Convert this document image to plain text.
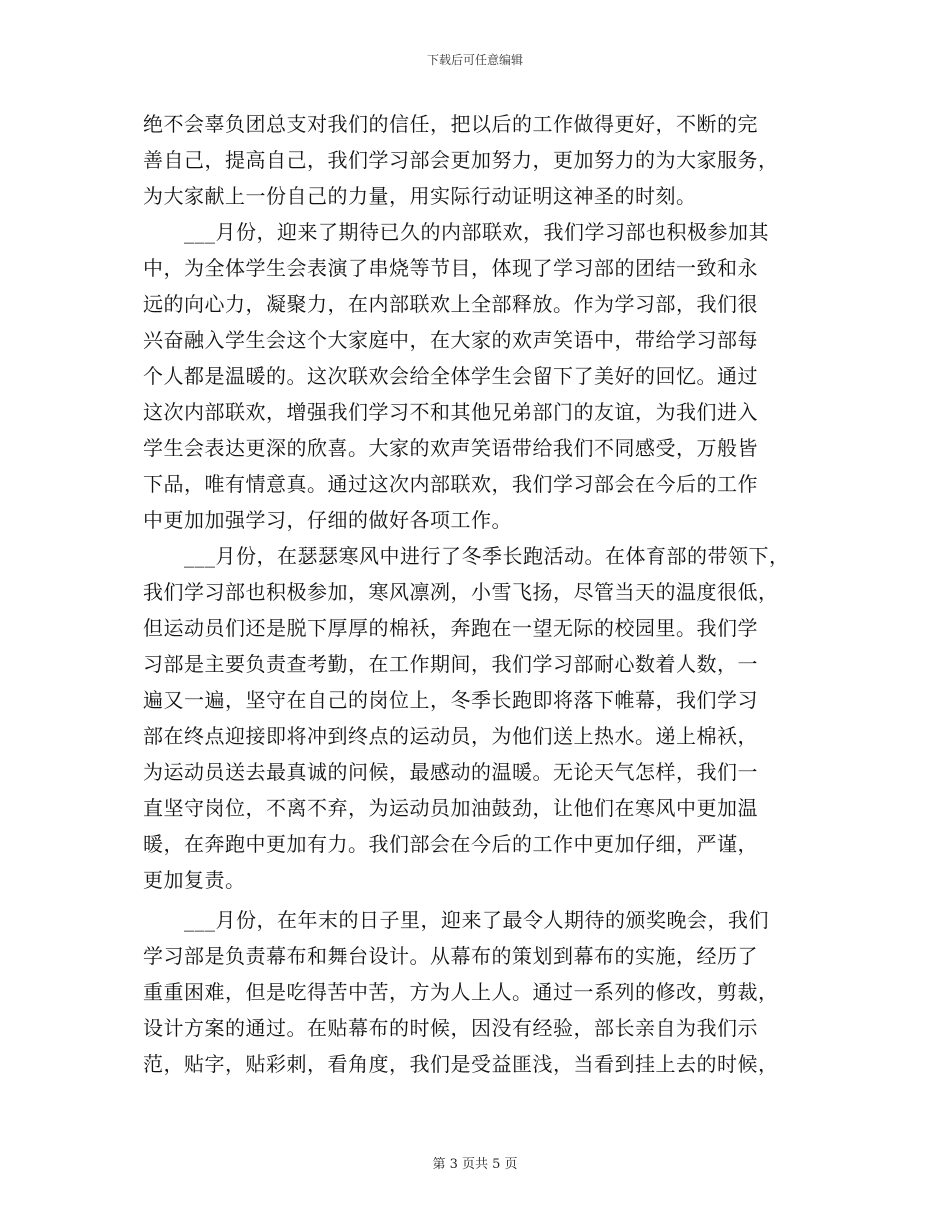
下载后可任意编辑
绝不会辜负团总支对我们的信任，把以后的工作做得更好，不断的完
善自己，提高自己，我们学习部会更加努力，更加努力的为大家服务，
为大家献上一份自己的力量，用实际行动证明这神圣的时刻。
　　___月份，迎来了期待已久的内部联欢，我们学习部也积极参加其
中，为全体学生会表演了串烧等节目，体现了学习部的团结一致和永
远的向心力，凝聚力，在内部联欢上全部释放。作为学习部，我们很
兴奋融入学生会这个大家庭中，在大家的欢声笑语中，带给学习部每
个人都是温暖的。这次联欢会给全体学生会留下了美好的回忆。通过
这次内部联欢，增强我们学习不和其他兄弟部门的友谊，为我们进入
学生会表达更深的欣喜。大家的欢声笑语带给我们不同感受，万般皆
下品，唯有情意真。通过这次内部联欢，我们学习部会在今后的工作
中更加加强学习，仔细的做好各项工作。
　　___月份，在瑟瑟寒风中进行了冬季长跑活动。在体育部的带领下，
我们学习部也积极参加，寒风凛冽，小雪飞扬，尽管当天的温度很低，
但运动员们还是脱下厚厚的棉袄，奔跑在一望无际的校园里。我们学
习部是主要负责查考勤，在工作期间，我们学习部耐心数着人数，一
遍又一遍，坚守在自己的岗位上，冬季长跑即将落下帷幕，我们学习
部在终点迎接即将冲到终点的运动员，为他们送上热水。递上棉袄，
为运动员送去最真诚的问候，最感动的温暖。无论天气怎样，我们一
直坚守岗位，不离不弃，为运动员加油鼓劲，让他们在寒风中更加温
暖，在奔跑中更加有力。我们部会在今后的工作中更加仔细，严谨，
更加复责。
　　___月份，在年末的日子里，迎来了最令人期待的颁奖晚会，我们
学习部是负责幕布和舞台设计。从幕布的策划到幕布的实施，经历了
重重困难，但是吃得苦中苦，方为人上人。通过一系列的修改，剪裁，
设计方案的通过。在贴幕布的时候，因没有经验，部长亲自为我们示
范，贴字，贴彩刺，看角度，我们是受益匪浅，当看到挂上去的时候，
第 3 页共 5 页
